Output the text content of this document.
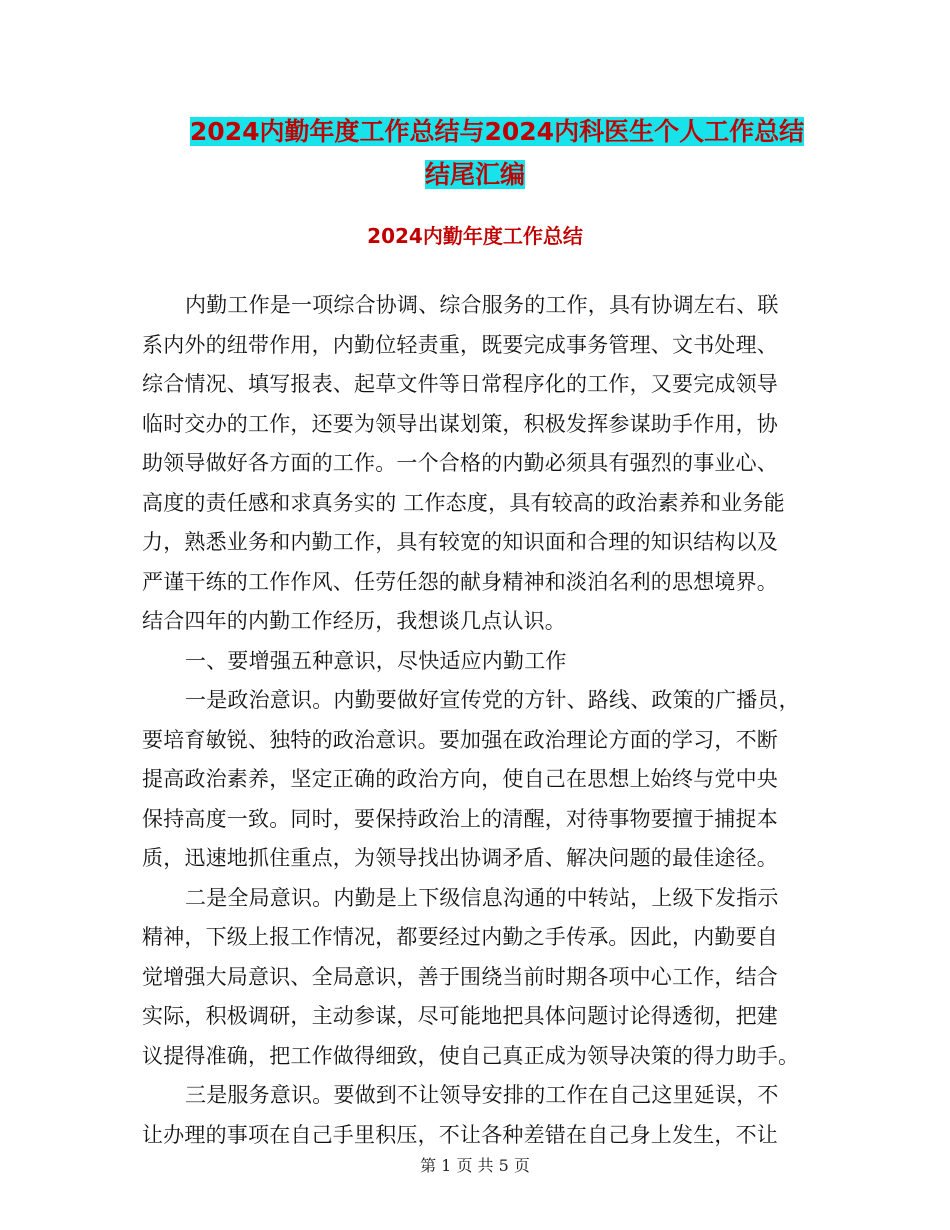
2024内勤年度工作总结与2024内科医生个人工作总结
结尾汇编
2024内勤年度工作总结
内勤工作是一项综合协调、综合服务的工作，具有协调左右、联
系内外的纽带作用，内勤位轻责重，既要完成事务管理、文书处理、
综合情况、填写报表、起草文件等日常程序化的工作，又要完成领导
临时交办的工作，还要为领导出谋划策，积极发挥参谋助手作用，协
助领导做好各方面的工作。一个合格的内勤必须具有强烈的事业心、
高度的责任感和求真务实的 工作态度，具有较高的政治素养和业务能
力，熟悉业务和内勤工作，具有较宽的知识面和合理的知识结构以及
严谨干练的工作作风、任劳任怨的献身精神和淡泊名利的思想境界。
结合四年的内勤工作经历，我想谈几点认识。
一、要增强五种意识，尽快适应内勤工作
一是政治意识。内勤要做好宣传党的方针、路线、政策的广播员，
要培育敏锐、独特的政治意识。要加强在政治理论方面的学习，不断
提高政治素养，坚定正确的政治方向，使自己在思想上始终与党中央
保持高度一致。同时，要保持政治上的清醒，对待事物要擅于捕捉本
质，迅速地抓住重点，为领导找出协调矛盾、解决问题的最佳途径。
二是全局意识。内勤是上下级信息沟通的中转站，上级下发指示
精神，下级上报工作情况，都要经过内勤之手传承。因此，内勤要自
觉增强大局意识、全局意识，善于围绕当前时期各项中心工作，结合
实际，积极调研，主动参谋，尽可能地把具体问题讨论得透彻，把建
议提得准确，把工作做得细致，使自己真正成为领导决策的得力助手。
三是服务意识。要做到不让领导安排的工作在自己这里延误，不
第 1 页 共 5 页
让办理的事项在自己手里积压，不让各种差错在自己身上发生，不让
